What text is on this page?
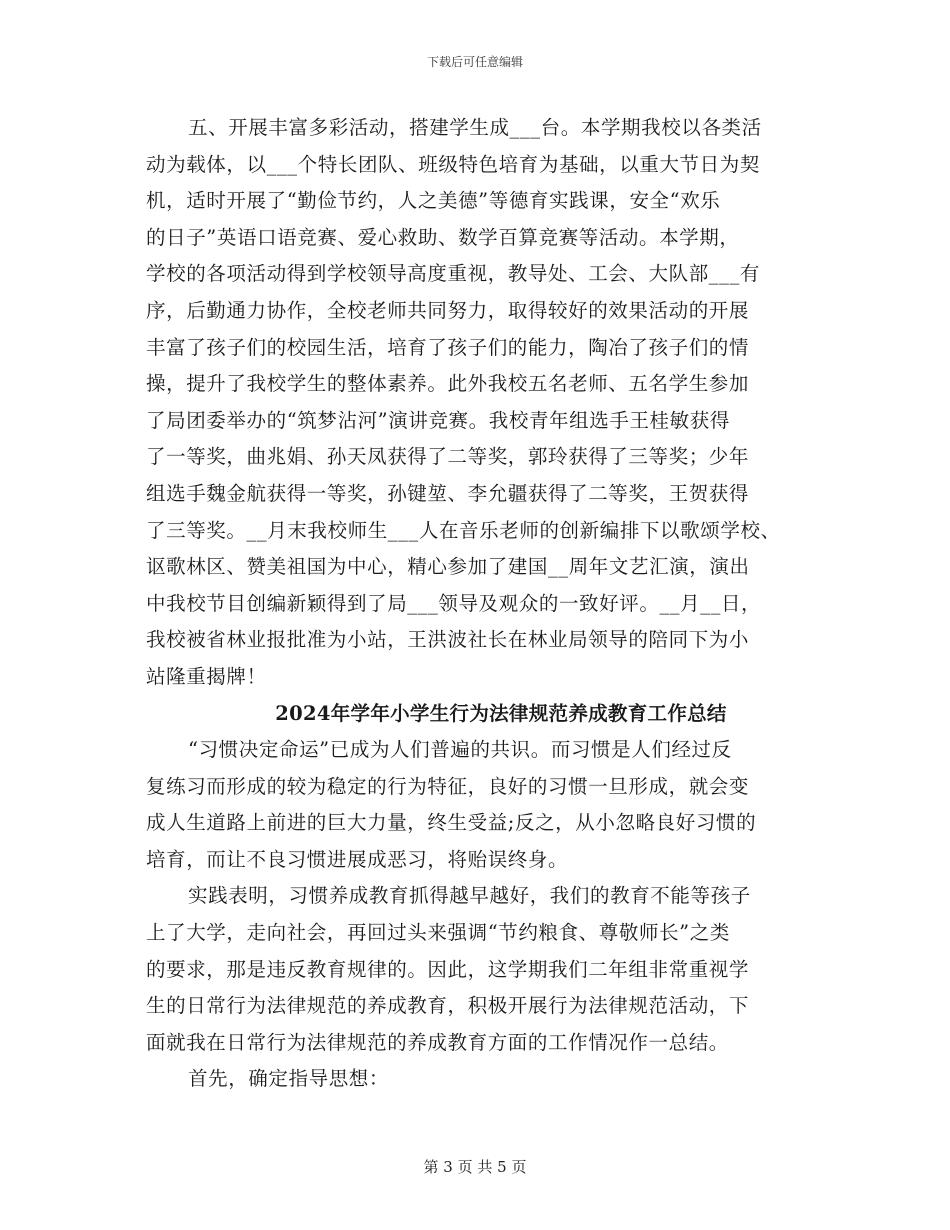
下载后可任意编辑
五、开展丰富多彩活动，搭建学生成___台。本学期我校以各类活
动为载体，以___个特长团队、班级特色培育为基础，以重大节日为契
机，适时开展了“勤俭节约，人之美德”等德育实践课，安全“欢乐
的日子”英语口语竞赛、爱心救助、数学百算竞赛等活动。本学期，
学校的各项活动得到学校领导高度重视，教导处、工会、大队部___有
序，后勤通力协作，全校老师共同努力，取得较好的效果活动的开展
丰富了孩子们的校园生活，培育了孩子们的能力，陶冶了孩子们的情
操，提升了我校学生的整体素养。此外我校五名老师、五名学生参加
了局团委举办的“筑梦沾河”演讲竞赛。我校青年组选手王桂敏获得
了一等奖，曲兆娟、孙天凤获得了二等奖，郭玲获得了三等奖；少年
组选手魏金航获得一等奖，孙键堃、李允疆获得了二等奖，王贺获得
了三等奖。__月末我校师生___人在音乐老师的创新编排下以歌颂学校、
讴歌林区、赞美祖国为中心，精心参加了建国__周年文艺汇演，演出
中我校节目创编新颖得到了局___领导及观众的一致好评。__月__日，
我校被省林业报批准为小站，王洪波社长在林业局领导的陪同下为小
站隆重揭牌！
2024年学年小学生行为法律规范养成教育工作总结
“习惯决定命运”已成为人们普遍的共识。而习惯是人们经过反
复练习而形成的较为稳定的行为特征，良好的习惯一旦形成，就会变
成人生道路上前进的巨大力量，终生受益;反之，从小忽略良好习惯的
培育，而让不良习惯进展成恶习，将贻误终身。
实践表明，习惯养成教育抓得越早越好，我们的教育不能等孩子
上了大学，走向社会，再回过头来强调“节约粮食、尊敬师长”之类
的要求，那是违反教育规律的。因此，这学期我们二年组非常重视学
生的日常行为法律规范的养成教育，积极开展行为法律规范活动，下
面就我在日常行为法律规范的养成教育方面的工作情况作一总结。
首先，确定指导思想：
第 3 页 共 5 页
